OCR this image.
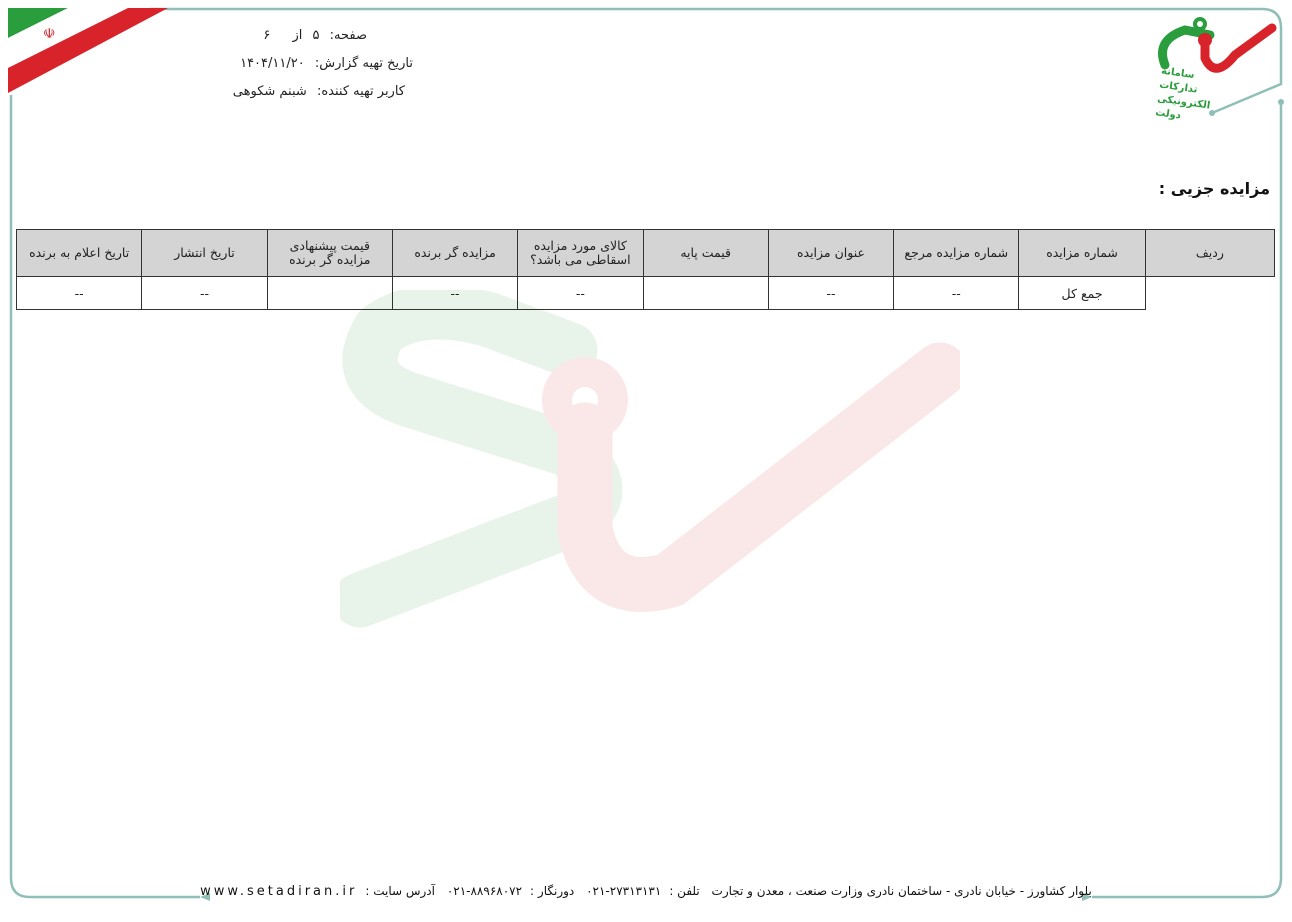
☫
سامانه
تدارکات
الکترونیکی
دولت
صفحه: ۵ از ۶
تاریخ تهیه گزارش: ۱۴۰۴/۱۱/۲۰
کاربر تهیه کننده: شبنم شکوهی
مزایده جزیی :
ردیف	شماره مزایده	شماره مزایده مرجع	عنوان مزایده	قیمت پایه	کالای مورد مزایده اسقاطی می باشد؟	مزایده گر برنده	قیمت پیشنهادی مزایده گر برنده	تاریخ انتشار	تاریخ اعلام به برنده
	جمع کل	--	--		--	--		--	--
بلوار کشاورز - خیابان نادری - ساختمان نادری وزارت صنعت ، معدن و تجارت تلفن :۰۲۱-۲۷۳۱۳۱۳۱ دورنگار :۰۲۱-۸۸۹۶۸۰۷۲ آدرس سایت :www.setadiran.ir
